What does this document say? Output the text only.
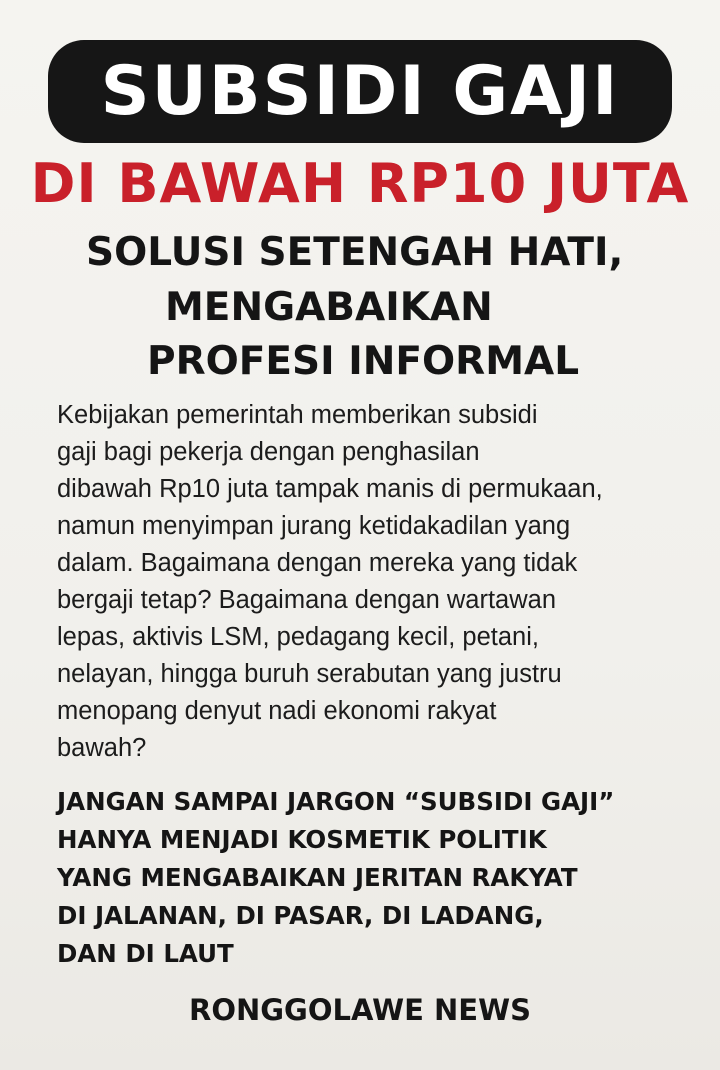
SUBSIDI GAJI
DI BAWAH RP10 JUTA
SOLUSI SETENGAH HATI,
MENGABAIKAN
PROFESI INFORMAL
Kebijakan pemerintah memberikan subsidi
gaji bagi pekerja dengan penghasilan
dibawah Rp10 juta tampak manis di permukaan,
namun menyimpan jurang ketidakadilan yang
dalam. Bagaimana dengan mereka yang tidak
bergaji tetap? Bagaimana dengan wartawan
lepas, aktivis LSM, pedagang kecil, petani,
nelayan, hingga buruh serabutan yang justru
menopang denyut nadi ekonomi rakyat
bawah?
JANGAN SAMPAI JARGON “SUBSIDI GAJI”
HANYA MENJADI KOSMETIK POLITIK
YANG MENGABAIKAN JERITAN RAKYAT
DI JALANAN, DI PASAR, DI LADANG,
DAN DI LAUT
RONGGOLAWE NEWS
